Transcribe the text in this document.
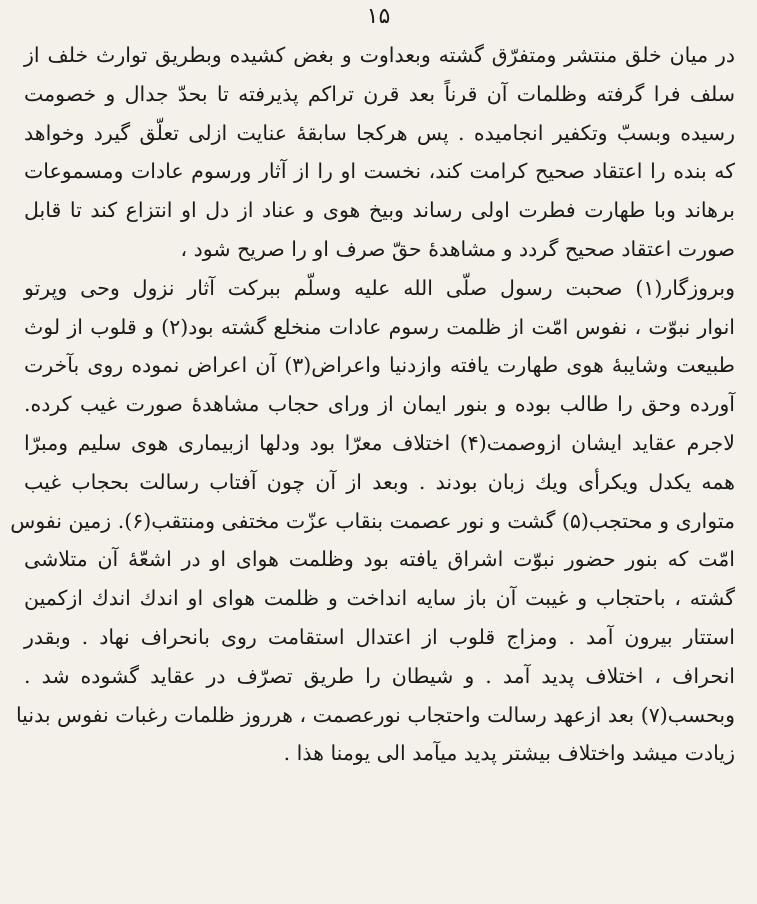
۱۵
در میان خلق منتشر ومتفرّق گشته وبعداوت و بغض کشیده وبطریق توارث خلف از
سلف فرا گرفته وظلمات آن قرناً بعد قرن تراکم پذیرفته تا بحدّ جدال و خصومت
رسیده وبسبّ وتکفیر انجامیده . پس هرکجا سابقهٔ عنایت ازلی تعلّق گیرد وخواهد
که بنده را اعتقاد صحیح کرامت کند، نخست او را از آثار ورسوم عادات ومسموعات
برهاند وبا طهارت فطرت اولی رساند وبیخ هوی و عناد از دل او انتزاع کند تا قابل
صورت اعتقاد صحیح گردد و مشاهدهٔ حقّ صرف او را صریح شود ،
وبروزگار(۱) صحبت رسول صلّی الله علیه وسلّم ببرکت آثار نزول وحی وپرتو
انوار نبوّت ، نفوس امّت از ظلمت رسوم عادات منخلع گشته بود(۲) و قلوب از لوث
طبیعت وشایبهٔ هوی طهارت یافته وازدنیا واعراض(۳) آن اعراض نموده روی بآخرت
آورده وحق را طالب بوده و بنور ایمان از ورای حجاب مشاهدهٔ صورت غیب کرده.
لاجرم عقاید ایشان ازوصمت(۴) اختلاف معرّا بود ودلها ازبیماری هوی سلیم ومبرّا
همه یکدل ویکرأی ویك زبان بودند . وبعد از آن چون آفتاب رسالت بحجاب غیب
متواری و محتجب(۵) گشت و نور عصمت بنقاب عزّت مختفی ومنتقب(۶). زمین نفوس
امّت که بنور حضور نبوّت اشراق یافته بود وظلمت هوای او در اشعّهٔ آن متلاشی
گشته ، باحتجاب و غیبت آن باز سایه انداخت و ظلمت هوای او اندك اندك ازکمین
استتار بیرون آمد . ومزاج قلوب از اعتدال استقامت روی بانحراف نهاد . وبقدر
انحراف ، اختلاف پدید آمد . و شیطان را طریق تصرّف در عقاید گشوده شد .
وبحسب(۷) بعد ازعهد رسالت واحتجاب نورعصمت ، هرروز ظلمات رغبات نفوس بدنیا
زیادت میشد واختلاف بیشتر پدید میآمد الی یومنا هذا .
